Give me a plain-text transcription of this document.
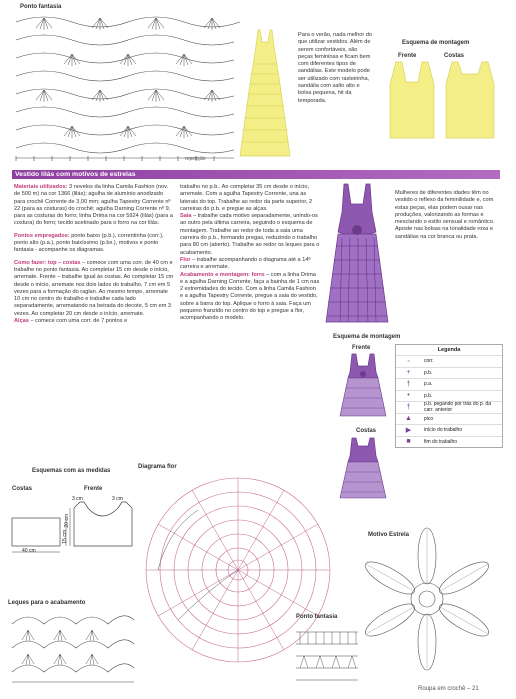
Ponto fantasia
repetição
Para o verão, nada melhor do que utilizar vestidos. Além de serem confortáveis, são peças femininas e ficam bem com diferentes tipos de sandálias. Este modelo pode ser utilizado com rasteirinha, sandália com salto alto e bolsa pequena, hit da temporada.
Esquema de montagem
Frente	Costas
Vestido lilás com motivos de estrelas

Materiais utilizados: 3 novelos da linha Camila Fashion (nov. de 500 m) na cor 1366 (lilás); agulha de alumínio anodizado para crochê Corrente de 3,00 mm; agulha Tapestry Corrente nº 22 (para as costuras) do crochê; agulha Darning Corrente nº 9, para as costuras do forro; linha Drima na cor 5924 (lilás) (para a costura) do forro; tecido acetinado para o forro na cor lilás.

Pontos empregados: ponto baixo (p.b.), correntinha (corr.), ponto alto (p.a.), ponto baixíssimo (p.bx.), motivos e ponto fantasia - acompanhe os diagramas.

Como fazer: top – costas – comece com uma corr. de 40 cm e trabalhe no ponto fantasia. Ao completar 15 cm desde o início, arremate. Frente – trabalhe igual às costas. Ao completar 15 cm desde o início, arremate nos dois lados do trabalho, 7 cm em 5 vezes para a formação do raglan. Ao mesmo tempo, arremate 10 cm no centro do trabalho e trabalhe cada lado separadamente, arrematando na beirada do decote, 5 cm em 3 vezes. Ao completar 20 cm desde o início, arremate.

Alças – comece com uma corr. de 7 pontos e

trabalho no p.b.. Ao completar 35 cm desde o início, arremate. Com a agulha Tapestry Corrente, una as laterais do top. Trabalhe ao redor da parte superior, 2 carreiras do p.b. e pregue as alças.

Saia – trabalhe cada motivo separadamente, unindo-os ao outro pela última carreira, seguindo o esquema de montagem. Trabalhe ao redor de toda a saia uma carreira do p.b., formando pregas, reduzindo o trabalho para 80 cm (aberto). Trabalhe ao redor os leques para o acabamento.

Flor – trabalhe acompanhando o diagrama até a 14ª carreira e arremate.

Acabamento e montagem: forro – com a linha Drima e a agulha Darning Corrente, faça a bainha de 1 cm nas 2 extremidades do tecido. Com a linha Camila Fashion e a agulha Tapestry Corrente, pregue a saia do vestido, sobre a barra do top. Aplique o forro à saia. Faça um pequeno franzido no centro do top e pregue a flor, acompanhando o modelo.

Mulheres de diferentes idades têm no vestido o reflexo da feminilidade e, com estas peças, elas podem ousar nas produções, valorizando as formas e mesclando o estilo sensual e romântico. Aposte nas bolsas na tonalidade roxa e sandálias na cor branca ou prata.
Esquema de montagem
Frente
Costas
Legenda
◦	corr.
+	p.b.
†	p.a.
•	p.b.
†	p.b. pegando por trás do p. da carr. anterior
▲	pico
▶	início do trabalho
■	fim do trabalho
Esquemas com as medidas
Costas	Frente
40 cm
15 cm
20 cm
3 cm	3 cm
Diagrama flor
Motivo Estrela
Leques para o acabamento
Ponto fantasia
Roupa em crochê – 21
